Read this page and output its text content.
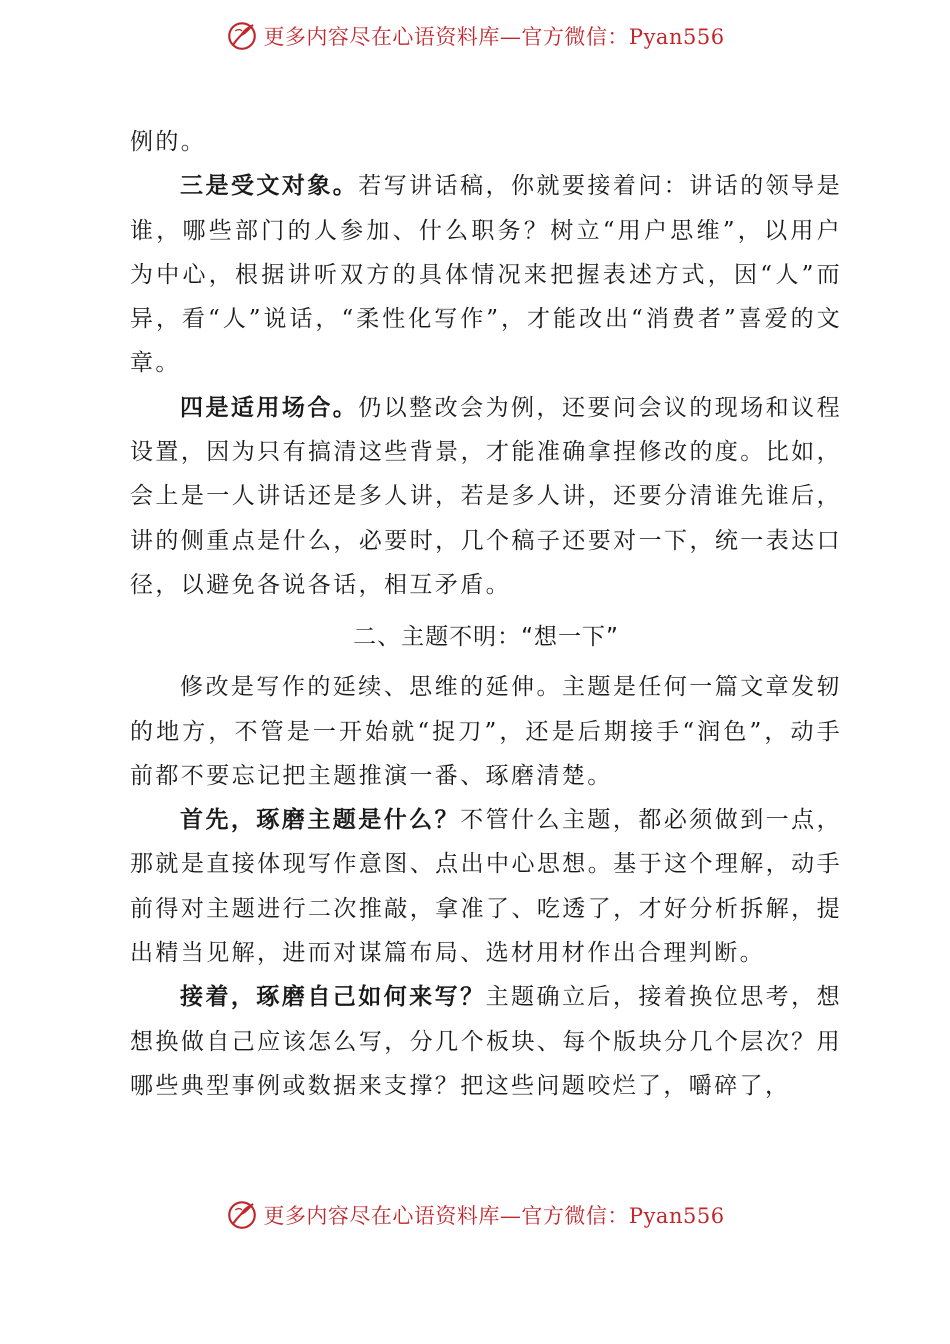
更多内容尽在心语资料库—官方微信：Pyan556

例的。

三是受文对象。若写讲话稿，你就要接着问：讲话的领导是谁，哪些部门的人参加、什么职务？树立“用户思维”，以用户为中心，根据讲听双方的具体情况来把握表述方式，因“人”而异，看“人”说话，“柔性化写作”，才能改出“消费者”喜爱的文章。

四是适用场合。仍以整改会为例，还要问会议的现场和议程设置，因为只有搞清这些背景，才能准确拿捏修改的度。比如，会上是一人讲话还是多人讲，若是多人讲，还要分清谁先谁后，讲的侧重点是什么，必要时，几个稿子还要对一下，统一表达口径，以避免各说各话，相互矛盾。

二、主题不明：“想一下”

修改是写作的延续、思维的延伸。主题是任何一篇文章发轫的地方，不管是一开始就“捉刀”，还是后期接手“润色”，动手前都不要忘记把主题推演一番、琢磨清楚。

首先，琢磨主题是什么？不管什么主题，都必须做到一点，那就是直接体现写作意图、点出中心思想。基于这个理解，动手前得对主题进行二次推敲，拿准了、吃透了，才好分析拆解，提出精当见解，进而对谋篇布局、选材用材作出合理判断。

接着，琢磨自己如何来写？主题确立后，接着换位思考，想想换做自己应该怎么写，分几个板块、每个版块分几个层次？用哪些典型事例或数据来支撑？把这些问题咬烂了，嚼碎了，

更多内容尽在心语资料库—官方微信：Pyan556
